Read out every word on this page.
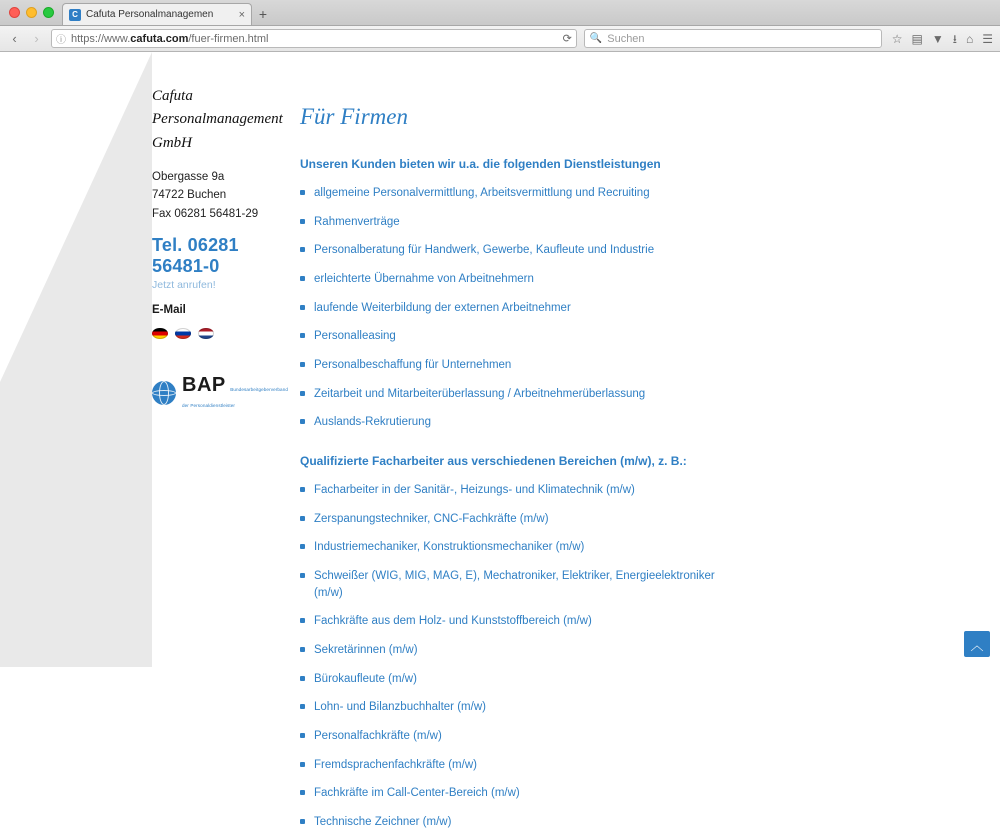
C Cafuta Personalmanagemen	× +
‹	›	ⓘ https://www.cafuta.com/fuer-firmen.html	⟳ 🔍 Suchen	☆ ▤ ▼ ⭳ ⌂ ☰
Cafuta
Personalmanagement GmbH
Obergasse 9a
74722 Buchen
Fax 06281 56481-29
Tel. 06281 56481-0
Jetzt anrufen!
E-Mail
BAP Bundesarbeitgeberverband
der Personaldienstleister
Für Firmen
Unseren Kunden bieten wir u.a. die folgenden Dienstleistungen
allgemeine Personalvermittlung, Arbeitsvermittlung und Recruiting
Rahmenverträge
Personalberatung für Handwerk, Gewerbe, Kaufleute und Industrie
erleichterte Übernahme von Arbeitnehmern
laufende Weiterbildung der externen Arbeitnehmer
Personalleasing
Personalbeschaffung für Unternehmen
Zeitarbeit und Mitarbeiterüberlassung / Arbeitnehmerüberlassung
Auslands-Rekrutierung
Qualifizierte Facharbeiter aus verschiedenen Bereichen (m/w), z. B.:
Facharbeiter in der Sanitär-, Heizungs- und Klimatechnik (m/w)
Zerspanungstechniker, CNC-Fachkräfte (m/w)
Industriemechaniker, Konstruktionsmechaniker (m/w)
Schweißer (WIG, MIG, MAG, E), Mechatroniker, Elektriker, Energieelektroniker (m/w)
Fachkräfte aus dem Holz- und Kunststoffbereich (m/w)
Sekretärinnen (m/w)
Bürokaufleute (m/w)
Lohn- und Bilanzbuchhalter (m/w)
Personalfachkräfte (m/w)
Fremdsprachenfachkräfte (m/w)
Fachkräfte im Call-Center-Bereich (m/w)
Technische Zeichner (m/w)
︿
